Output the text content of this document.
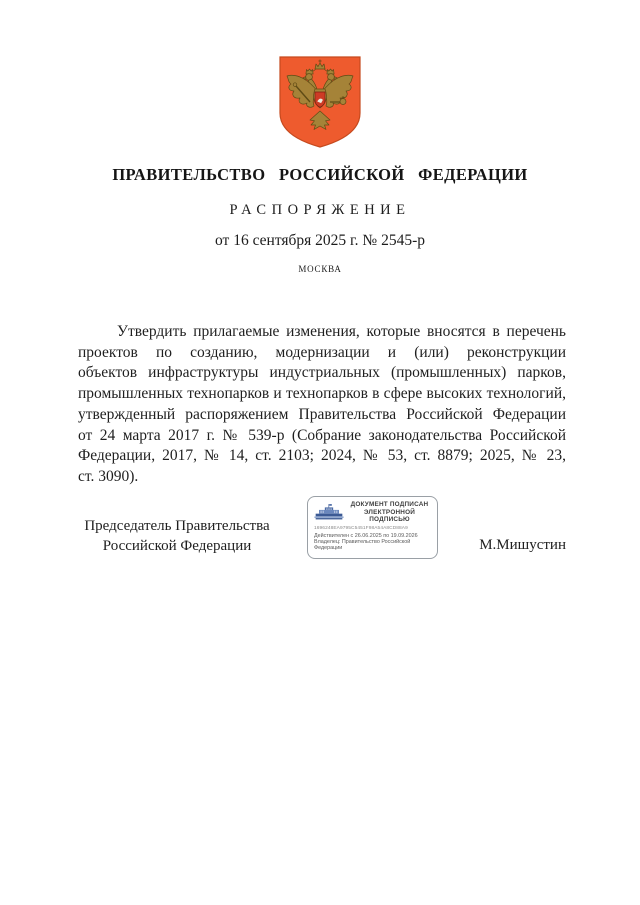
ПРАВИТЕЛЬСТВО РОССИЙСКОЙ ФЕДЕРАЦИИ
РАСПОРЯЖЕНИЕ
от 16 сентября 2025 г. № 2545-р
МОСКВА
Утвердить прилагаемые изменения, которые вносятся в перечень
проектов по созданию, модернизации и (или) реконструкции
объектов инфраструктуры индустриальных (промышленных) парков,
промышленных технопарков и технопарков в сфере высоких технологий,
утвержденный распоряжением Правительства Российской Федерации
от 24 марта 2017 г. № 539-р (Собрание законодательства Российской
Федерации, 2017, № 14, ст. 2103; 2024, № 53, ст. 8879; 2025, № 23,
ст. 3090).
Председатель Правительства
Российской Федерации
ДОКУМЕНТ ПОДПИСАН
ЭЛЕКТРОННОЙ ПОДПИСЬЮ
1696248EA9795C5451F98A54A8CD88A9
Действителен с 26.06.2025 по 19.09.2026
Владелец: Правительство Российской
Федерации	М.Мишустин
